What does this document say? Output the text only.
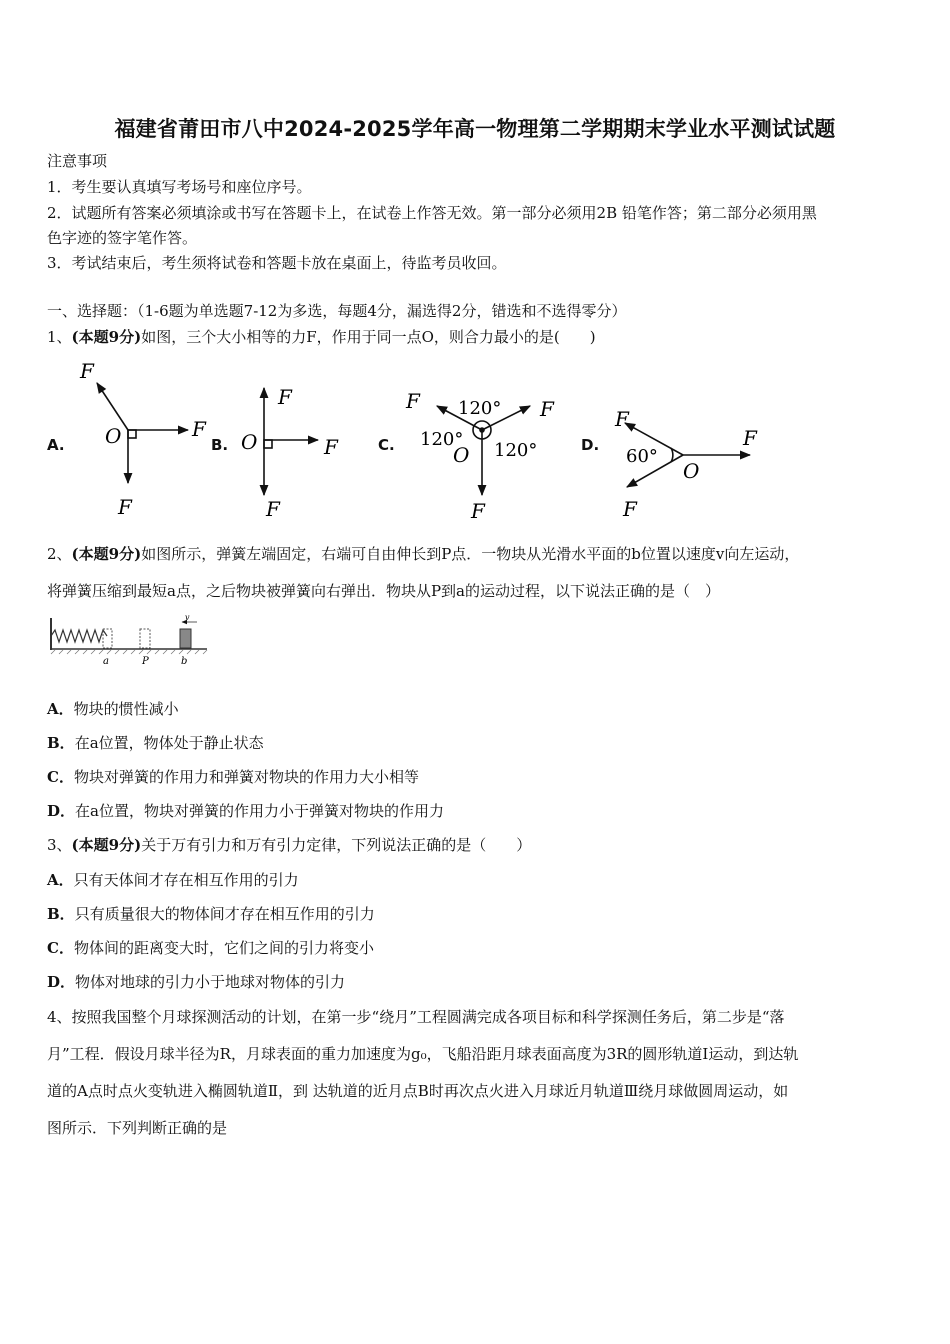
福建省莆田市八中2024-2025学年高一物理第二学期期末学业水平测试试题
注意事项
1．考生要认真填写考场号和座位序号。
2．试题所有答案必须填涂或书写在答题卡上，在试卷上作答无效。第一部分必须用2B 铅笔作答；第二部分必须用黑
色字迹的签字笔作答。
3．考试结束后，考生须将试卷和答题卡放在桌面上，待监考员收回。
一、选择题：（1-6题为单选题7-12为多选，每题4分，漏选得2分，错选和不选得零分）
1、(本题9分)如图，三个大小相等的力F，作用于同一点O，则合力最小的是(　　)
A.	B.	C.	D.
F
F
F
O
F
F
F
O
F	F
F
120°
120°
120°
O
F
F
F
60°
O
2、(本题9分)如图所示，弹簧左端固定，右端可自由伸长到P点．一物块从光滑水平面的b位置以速度v向左运动，
将弹簧压缩到最短a点，之后物块被弹簧向右弹出．物块从P到a的运动过程，以下说法正确的是（　）
a	P	b
v
A．物块的惯性减小
B．在a位置，物体处于静止状态
C．物块对弹簧的作用力和弹簧对物块的作用力大小相等
D．在a位置，物块对弹簧的作用力小于弹簧对物块的作用力
3、(本题9分)关于万有引力和万有引力定律，下列说法正确的是（　　）
A．只有天体间才存在相互作用的引力
B．只有质量很大的物体间才存在相互作用的引力
C．物体间的距离变大时，它们之间的引力将变小
D．物体对地球的引力小于地球对物体的引力
4、按照我国整个月球探测活动的计划，在第一步“绕月”工程圆满完成各项目标和科学探测任务后，第二步是“落
月”工程．假设月球半径为R，月球表面的重力加速度为g₀，飞船沿距月球表面高度为3R的圆形轨道Ⅰ运动，到达轨
道的A点时点火变轨进入椭圆轨道Ⅱ，到 达轨道的近月点B时再次点火进入月球近月轨道Ⅲ绕月球做圆周运动，如
图所示．下列判断正确的是
